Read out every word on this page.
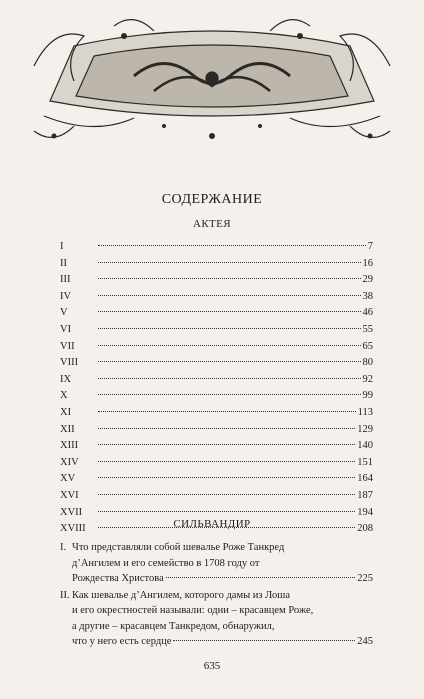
СОДЕРЖАНИЕ
АКТЕЯ
I	7
II	16
III	29
IV	38
V	46
VI	55
VII	65
VIII	80
IX	92
X	99
XI	113
XII	129
XIII	140
XIV	151
XV	164
XVI	187
XVII	194
XVIII	208
СИЛЬВАНДИР
I. Что представляли собой шевалье Роже Танкред
д’Ангилем и его семейство в 1708 году от
Рождества Христова	225
II. Как шевалье д’Ангилем, которого дамы из Лоша
и его окрестностей называли: одни – красавцем Роже,
а другие – красавцем Танкредом, обнаружил,
что у него есть сердце	245
635
